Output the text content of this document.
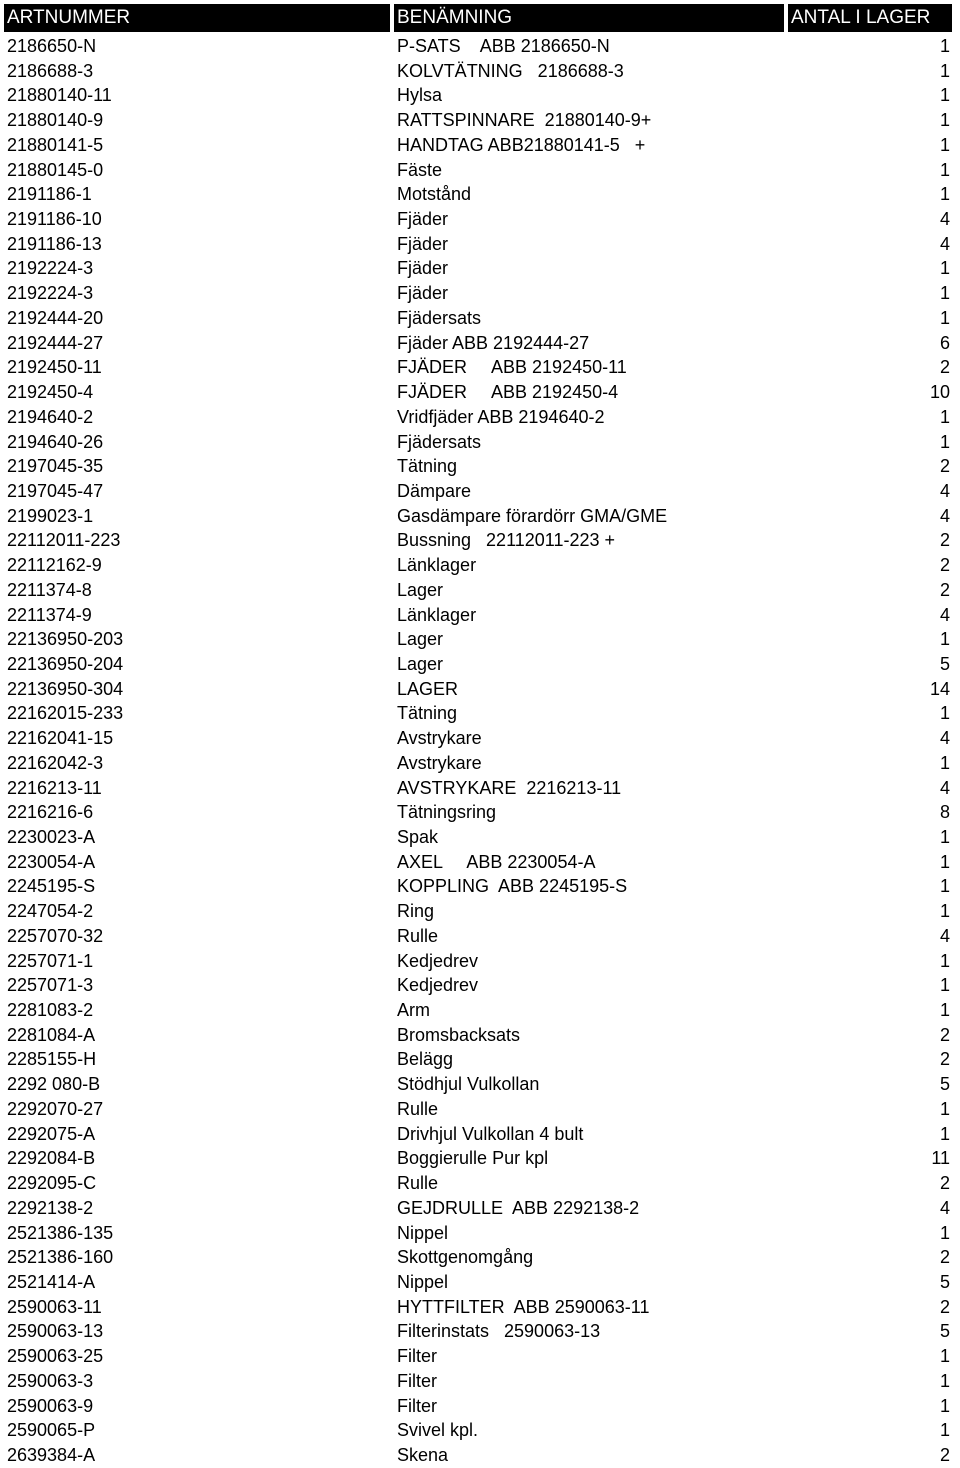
ARTNUMMER	BENÄMNING	ANTAL I LAGER
2186650-N	P-SATS    ABB 2186650-N	1
2186688-3	KOLVTÄTNING   2186688-3	1
21880140-11	Hylsa	1
21880140-9	RATTSPINNARE  21880140-9+	1
21880141-5	HANDTAG ABB21880141-5   +	1
21880145-0	Fäste	1
2191186-1	Motstånd	1
2191186-10	Fjäder	4
2191186-13	Fjäder	4
2192224-3	Fjäder	1
2192224-3	Fjäder	1
2192444-20	Fjädersats	1
2192444-27	Fjäder ABB 2192444-27	6
2192450-11	FJÄDER     ABB 2192450-11	2
2192450-4	FJÄDER     ABB 2192450-4	10
2194640-2	Vridfjäder ABB 2194640-2	1
2194640-26	Fjädersats	1
2197045-35	Tätning	2
2197045-47	Dämpare	4
2199023-1	Gasdämpare förardörr GMA/GME	4
22112011-223	Bussning   22112011-223 +	2
22112162-9	Länklager	2
2211374-8	Lager	2
2211374-9	Länklager	4
22136950-203	Lager	1
22136950-204	Lager	5
22136950-304	LAGER	14
22162015-233	Tätning	1
22162041-15	Avstrykare	4
22162042-3	Avstrykare	1
2216213-11	AVSTRYKARE  2216213-11	4
2216216-6	Tätningsring	8
2230023-A	Spak	1
2230054-A	AXEL     ABB 2230054-A	1
2245195-S	KOPPLING  ABB 2245195-S	1
2247054-2	Ring	1
2257070-32	Rulle	4
2257071-1	Kedjedrev	1
2257071-3	Kedjedrev	1
2281083-2	Arm	1
2281084-A	Bromsbacksats	2
2285155-H	Belägg	2
2292 080-B	Stödhjul Vulkollan	5
2292070-27	Rulle	1
2292075-A	Drivhjul Vulkollan 4 bult	1
2292084-B	Boggierulle Pur kpl	11
2292095-C	Rulle	2
2292138-2	GEJDRULLE  ABB 2292138-2	4
2521386-135	Nippel	1
2521386-160	Skottgenomgång	2
2521414-A	Nippel	5
2590063-11	HYTTFILTER  ABB 2590063-11	2
2590063-13	Filterinstats   2590063-13	5
2590063-25	Filter	1
2590063-3	Filter	1
2590063-9	Filter	1
2590065-P	Svivel kpl.	1
2639384-A	Skena	2
